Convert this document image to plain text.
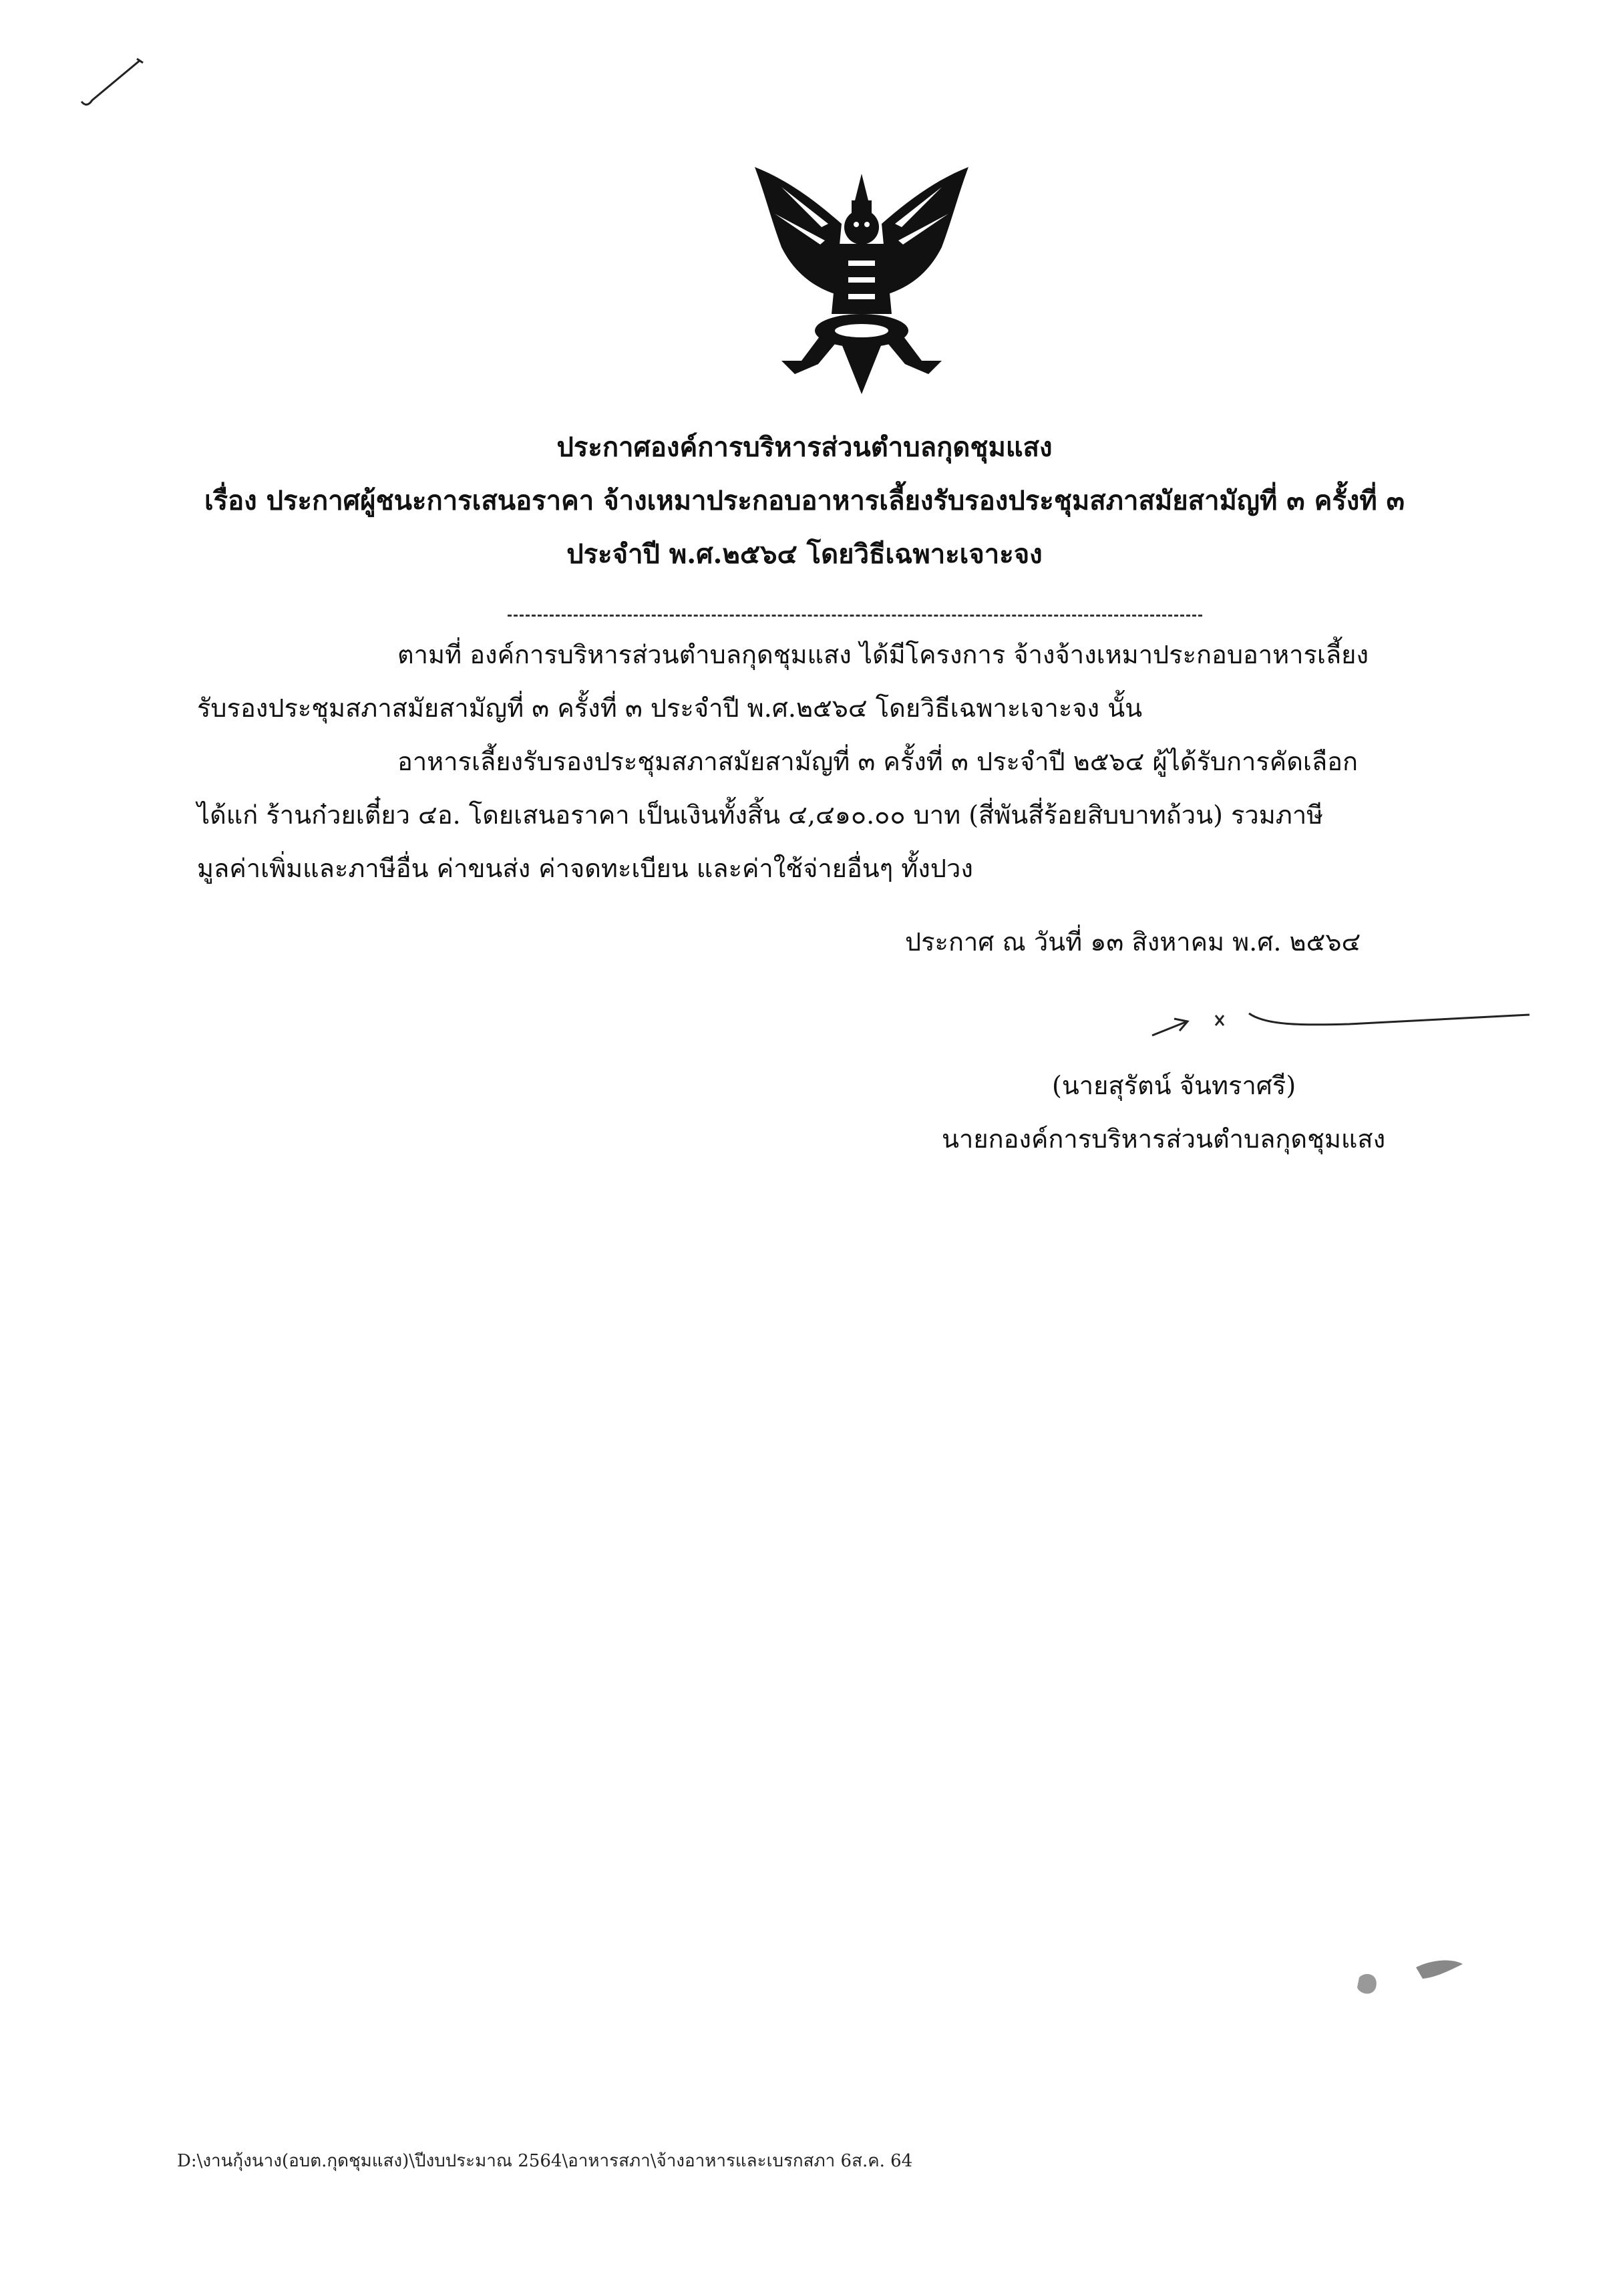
ประกาศองค์การบริหารส่วนตำบลกุดชุมแสง
เรื่อง ประกาศผู้ชนะการเสนอราคา จ้างเหมาประกอบอาหารเลี้ยงรับรองประชุมสภาสมัยสามัญที่ ๓ ครั้งที่ ๓
ประจำปี พ.ศ.๒๕๖๔ โดยวิธีเฉพาะเจาะจง
ตามที่ องค์การบริหารส่วนตำบลกุดชุมแสง ได้มีโครงการ จ้างจ้างเหมาประกอบอาหารเลี้ยง
รับรองประชุมสภาสมัยสามัญที่ ๓ ครั้งที่ ๓ ประจำปี พ.ศ.๒๕๖๔ โดยวิธีเฉพาะเจาะจง นั้น
อาหารเลี้ยงรับรองประชุมสภาสมัยสามัญที่ ๓ ครั้งที่ ๓ ประจำปี ๒๕๖๔ ผู้ได้รับการคัดเลือก
ได้แก่ ร้านก๋วยเตี๋ยว ๔อ. โดยเสนอราคา เป็นเงินทั้งสิ้น ๔,๔๑๐.๐๐ บาท (สี่พันสี่ร้อยสิบบาทถ้วน) รวมภาษี
มูลค่าเพิ่มและภาษีอื่น ค่าขนส่ง ค่าจดทะเบียน และค่าใช้จ่ายอื่นๆ ทั้งปวง
ประกาศ ณ วันที่ ๑๓ สิงหาคม พ.ศ. ๒๕๖๔
(นายสุรัตน์ จันทราศรี)
นายกองค์การบริหารส่วนตำบลกุดชุมแสง
D:\งานกุ้งนาง(อบต.กุดชุมแสง)\ปีงบประมาณ 2564\อาหารสภา\จ้างอาหารและเบรกสภา 6ส.ค. 64
